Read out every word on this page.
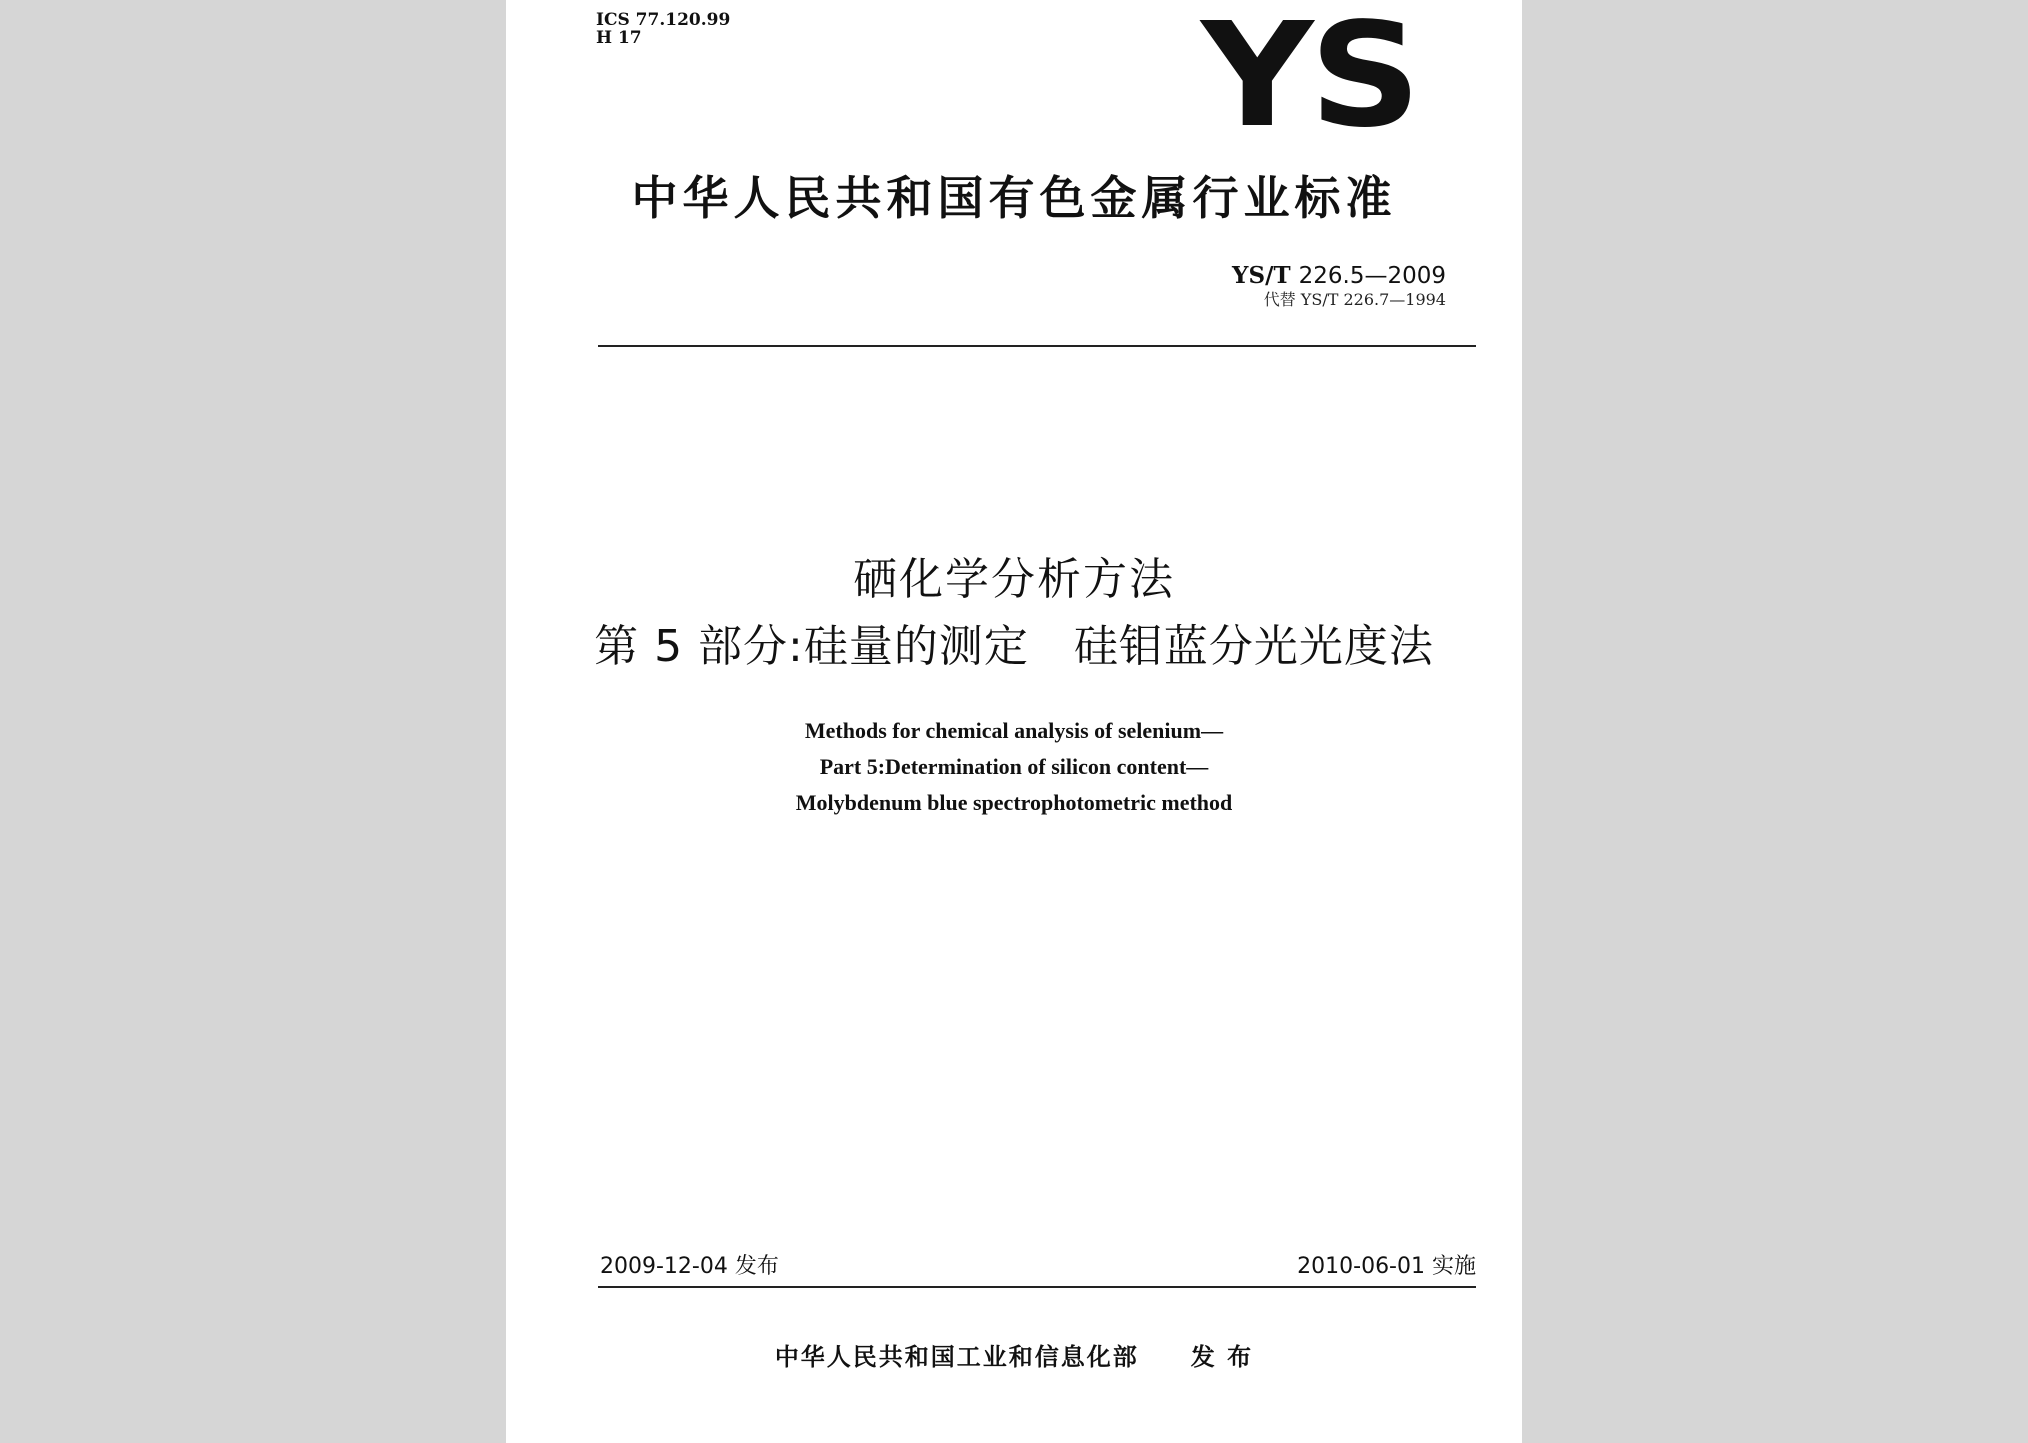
ICS 77.120.99
H 17	YS
中华人民共和国有色金属行业标准
YS/T 226.5—2009
代替 YS/T 226.7—1994
硒化学分析方法
第 5 部分:硅量的测定　硅钼蓝分光光度法
Methods for chemical analysis of selenium—
Part 5:Determination of silicon content—
Molybdenum blue spectrophotometric method
2009-12-04 发布	2010-06-01 实施
中华人民共和国工业和信息化部　　发 布
